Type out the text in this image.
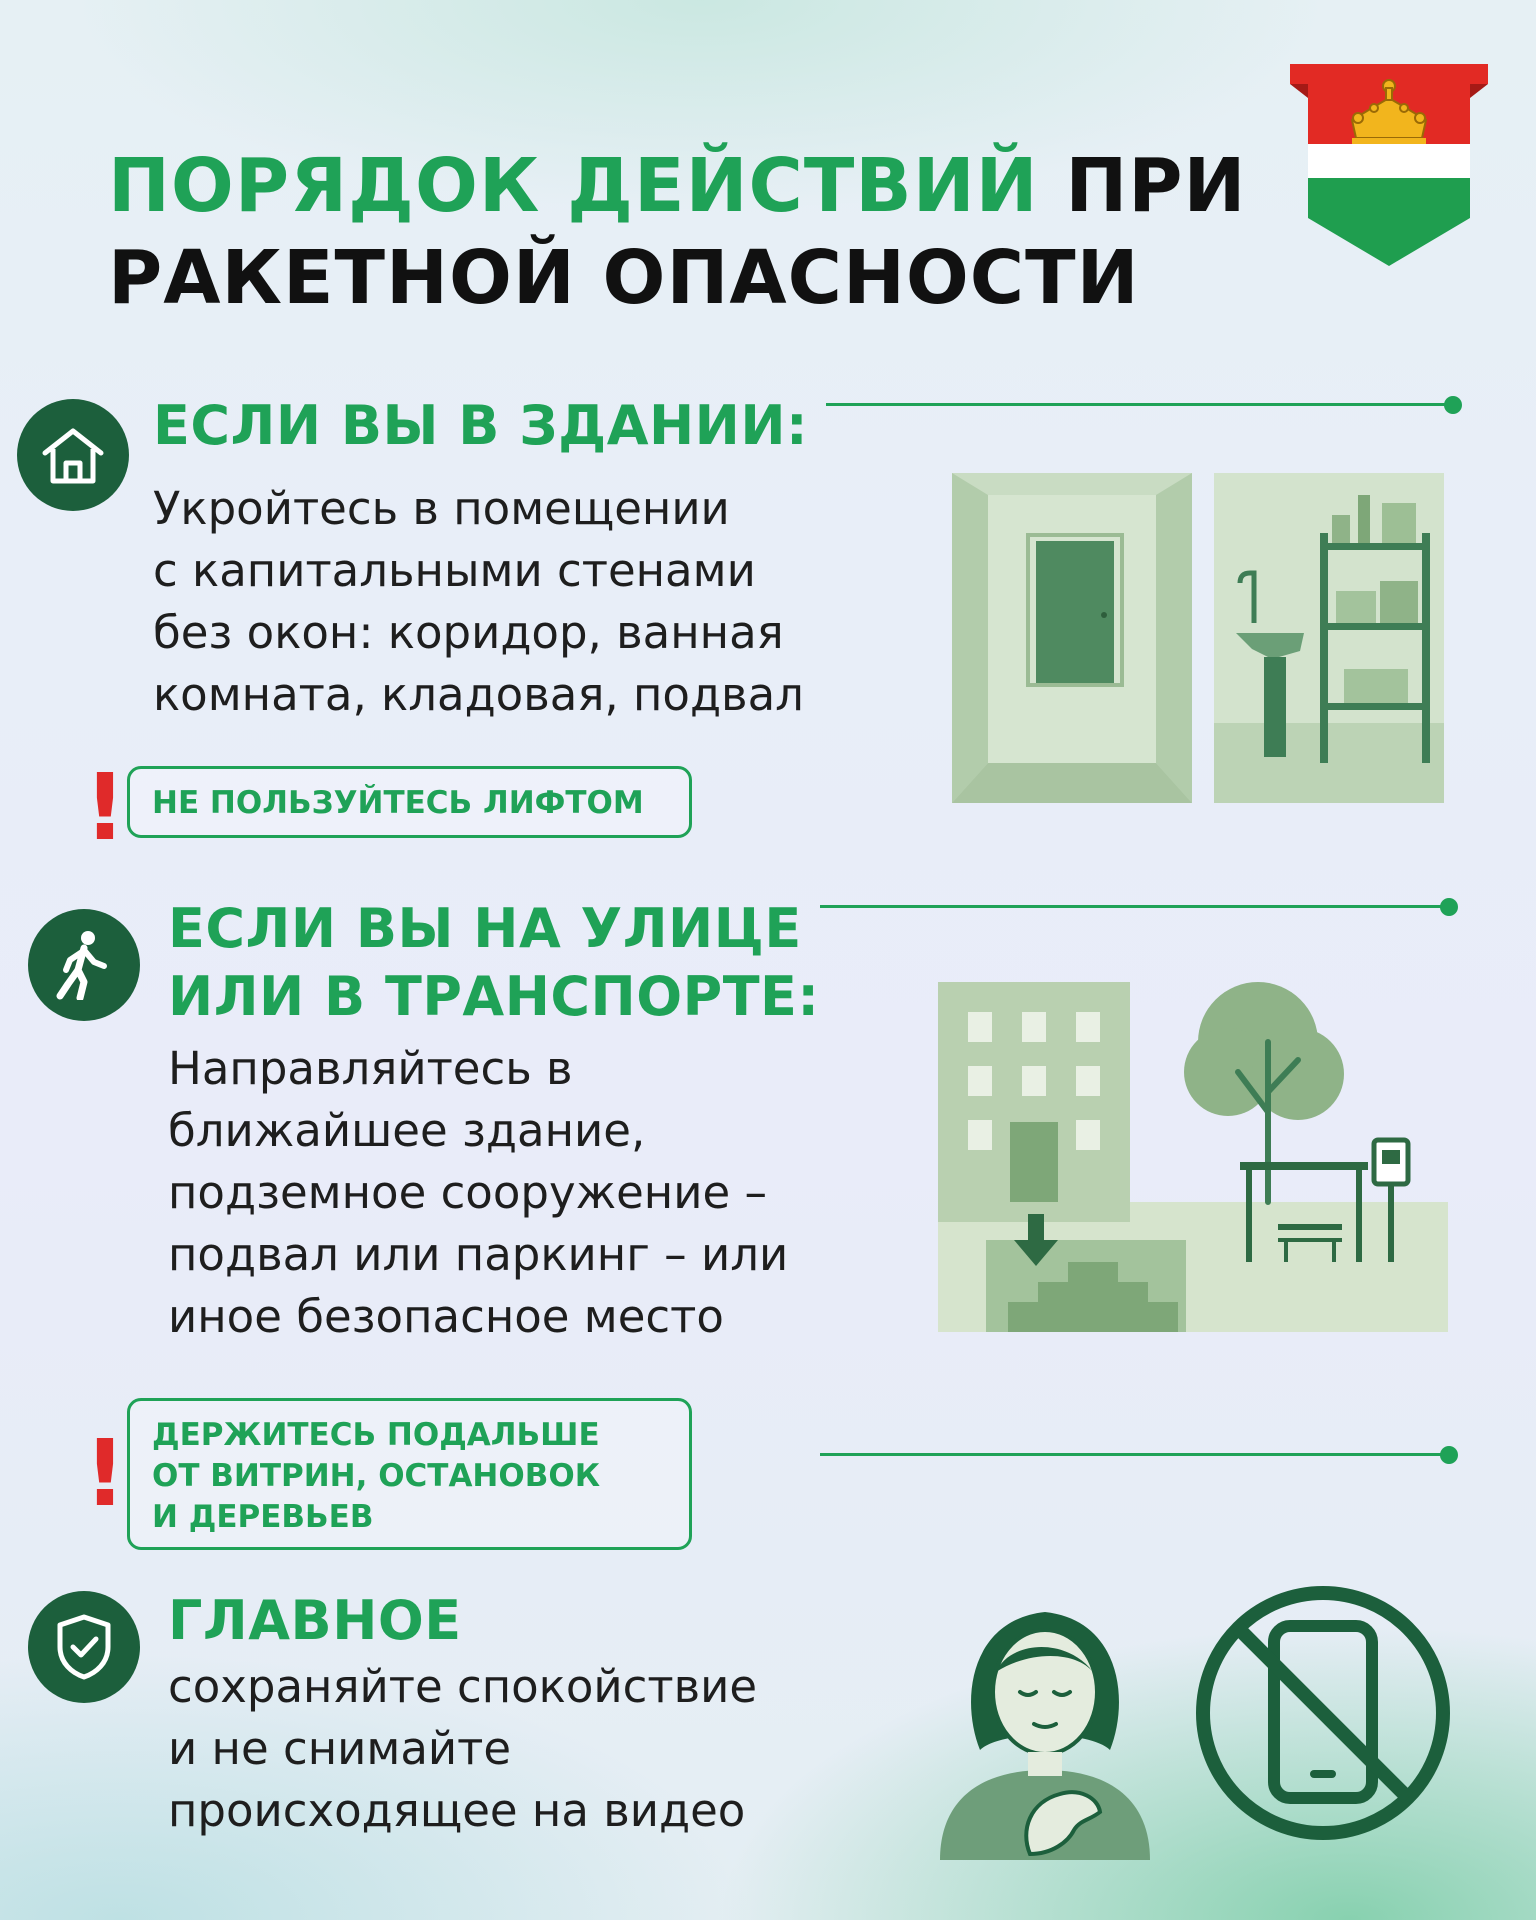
ПОРЯДОК ДЕЙСТВИЙ ПРИ
РАКЕТНОЙ ОПАСНОСТИ
ЕСЛИ ВЫ В ЗДАНИИ:
Укройтесь в помещении
с капитальными стенами
без окон: коридор, ванная
комната, кладовая, подвал
! НЕ ПОЛЬЗУЙТЕСЬ ЛИФТОМ
ЕСЛИ ВЫ НА УЛИЦЕ
ИЛИ В ТРАНСПОРТЕ:
Направляйтесь в
ближайшее здание,
подземное сооружение –
подвал или паркинг – или
иное безопасное место
! ДЕРЖИТЕСЬ ПОДАЛЬШЕ
ОТ ВИТРИН, ОСТАНОВОК
И ДЕРЕВЬЕВ
ГЛАВНОЕ
сохраняйте спокойствие
и не снимайте
происходящее на видео
